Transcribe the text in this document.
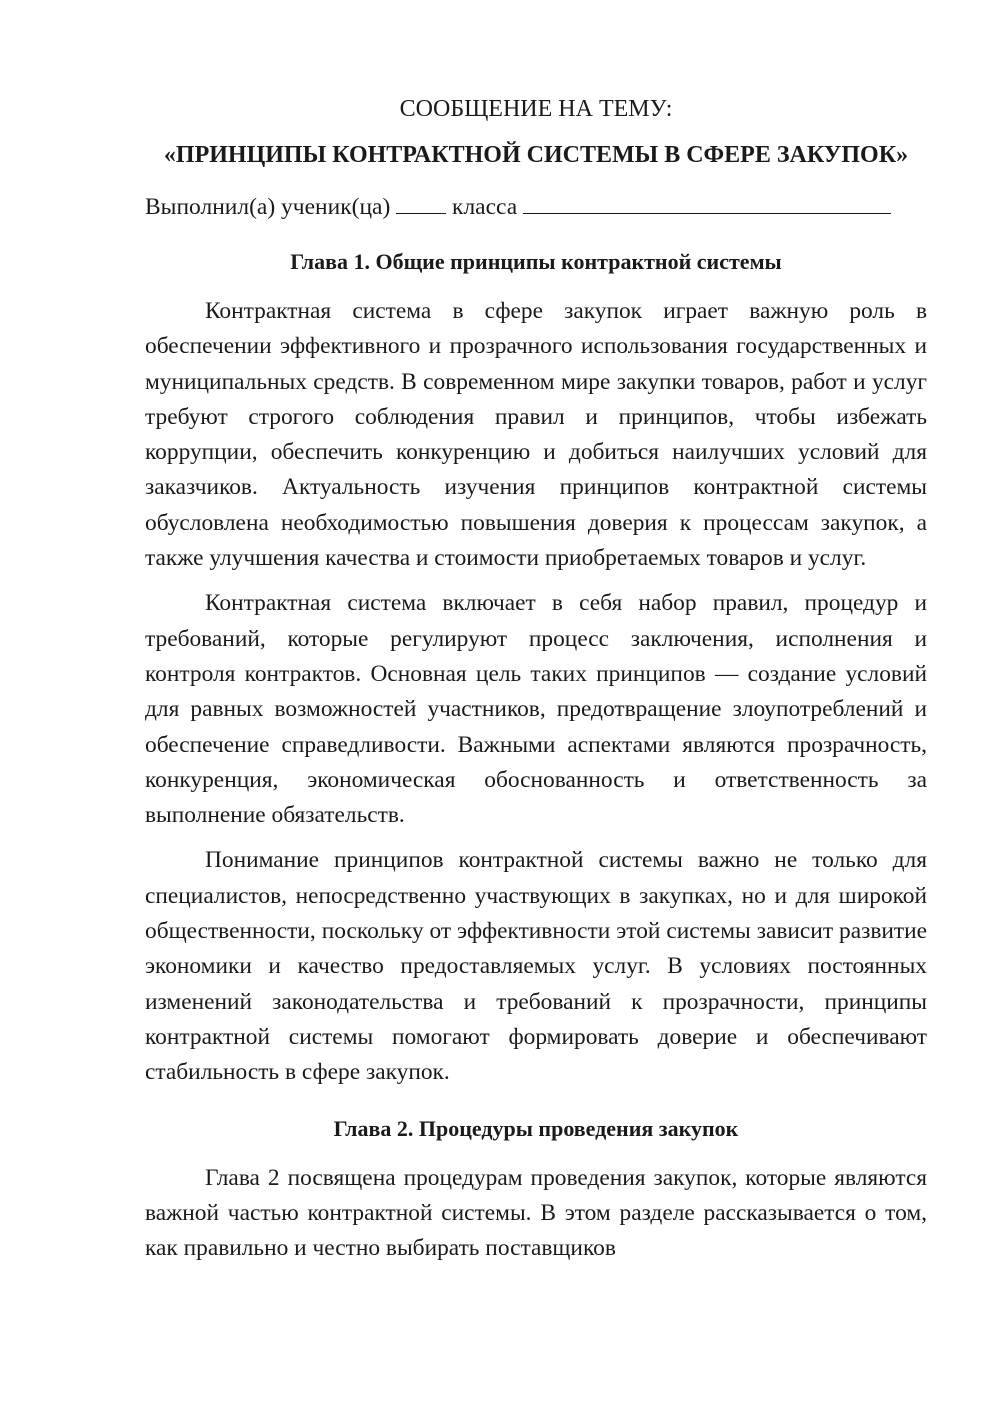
СООБЩЕНИЕ НА ТЕМУ:

«ПРИНЦИПЫ КОНТРАКТНОЙ СИСТЕМЫ В СФЕРЕ ЗАКУПОК»

Выполнил(а) ученик(ца)	класса
Глава 1. Общие принципы контрактной системы

Контрактная система в сфере закупок играет важную роль в обеспечении эффективного и прозрачного использования государственных и муниципальных средств. В современном мире закупки товаров, работ и услуг требуют строгого соблюдения правил и принципов, чтобы избежать коррупции, обеспечить конкуренцию и добиться наилучших условий для заказчиков. Актуальность изучения принципов контрактной системы обусловлена необходимостью повышения доверия к процессам закупок, а также улучшения качества и стоимости приобретаемых товаров и услуг.

Контрактная система включает в себя набор правил, процедур и требований, которые регулируют процесс заключения, исполнения и контроля контрактов. Основная цель таких принципов — создание условий для равных возможностей участников, предотвращение злоупотреблений и обеспечение справедливости. Важными аспектами являются прозрачность, конкуренция, экономическая обоснованность и ответственность за выполнение обязательств.

Понимание принципов контрактной системы важно не только для специалистов, непосредственно участвующих в закупках, но и для широкой общественности, поскольку от эффективности этой системы зависит развитие экономики и качество предоставляемых услуг. В условиях постоянных изменений законодательства и требований к прозрачности, принципы контрактной системы помогают формировать доверие и обеспечивают стабильность в сфере закупок.

Глава 2. Процедуры проведения закупок

Глава 2 посвящена процедурам проведения закупок, которые являются важной частью контрактной системы. В этом разделе рассказывается о том, как правильно и честно выбирать поставщиков
